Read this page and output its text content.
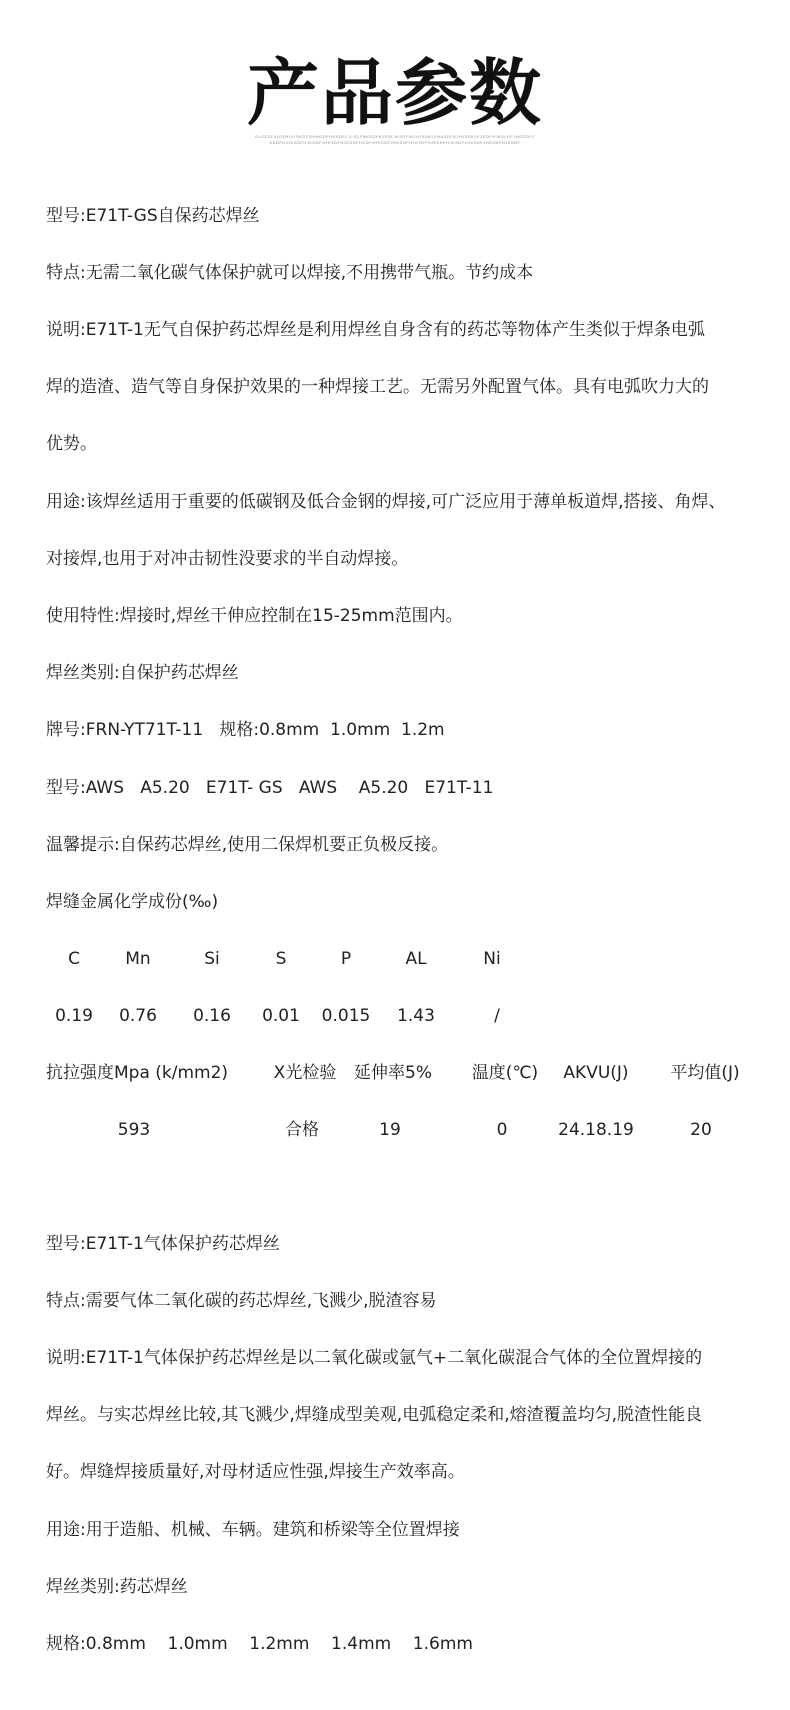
产品参数
OLKESLIUOSHUGOKDFGHNGDFRKSDFLJLSDFNKSDFKJSDLJKSDFNGHJSDKLFNASDFKJHJSDKLFJSDFHJKSLDFJHGSDFJKSDFHJJKSDFHJKSDFJHKSDFHJKSDFHSDFJHKSDFJHKSDFHJKSDFHJKSDFHJKSDFHJKSDFJHKSDFHJKSDF
型号:E71T-GS自保药芯焊丝
特点:无需二氧化碳气体保护就可以焊接,不用携带气瓶。节约成本
说明:E71T-1无气自保护药芯焊丝是利用焊丝自身含有的药芯等物体产生类似于焊条电弧
焊的造渣、造气等自身保护效果的一种焊接工艺。无需另外配置气体。具有电弧吹力大的
优势。
用途:该焊丝适用于重要的低碳钢及低合金钢的焊接,可广泛应用于薄单板道焊,搭接、角焊、
对接焊,也用于对冲击韧性没要求的半自动焊接。
使用特性:焊接时,焊丝干伸应控制在15-25mm范围内。
焊丝类别:自保护药芯焊丝
牌号:FRN-YT71T-11   规格:0.8mm  1.0mm  1.2m
型号:AWS   A5.20   E71T- GS   AWS    A5.20   E71T-11
温馨提示:自保药芯焊丝,使用二保焊机要正负极反接。
焊缝金属化学成份(‰)
C	Mn	Si	S	P	AL	Ni
0.19	0.76	0.16	0.01	0.015	1.43	/
抗拉强度Mpa (k/mm2)	X光检验	延伸率5%	温度(℃)	AKVU(J)	平均值(J)
593	合格	19	0	24.18.19	20
型号:E71T-1气体保护药芯焊丝
特点:需要气体二氧化碳的药芯焊丝,飞溅少,脱渣容易
说明:E71T-1气体保护药芯焊丝是以二氧化碳或氩气+二氧化碳混合气体的全位置焊接的
焊丝。与实芯焊丝比较,其飞溅少,焊缝成型美观,电弧稳定柔和,熔渣覆盖均匀,脱渣性能良
好。焊缝焊接质量好,对母材适应性强,焊接生产效率高。
用途:用于造船、机械、车辆。建筑和桥梁等全位置焊接
焊丝类别:药芯焊丝
规格:0.8mm    1.0mm    1.2mm    1.4mm    1.6mm
